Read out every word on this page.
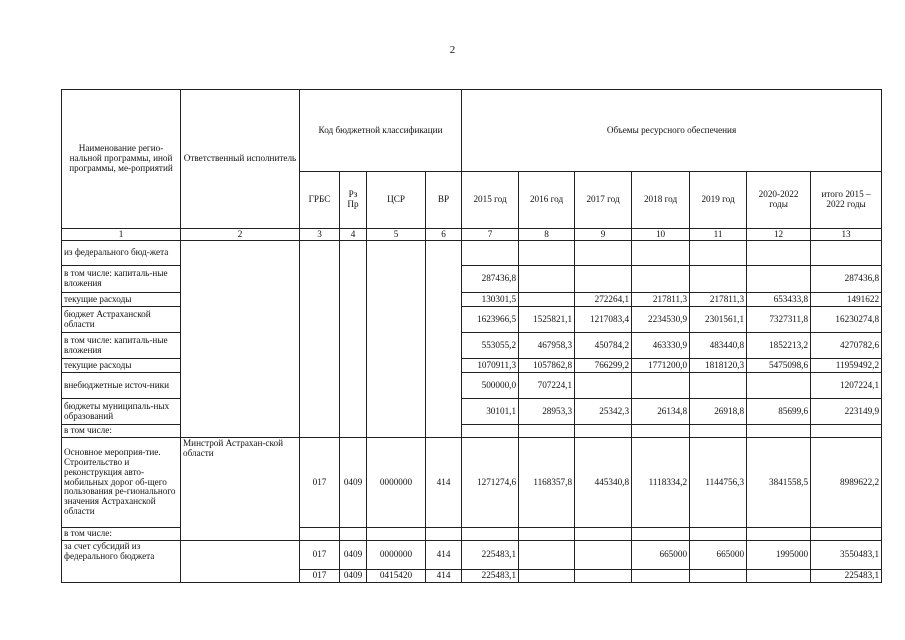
2
Наименование регио-нальной программы, иной программы, ме-роприятий	Ответственный исполнитель	Код бюджетной классификации				Объемы ресурсного обеспечения						
		ГРБС	Рз Пр	ЦСР	ВР	2015 год	2016 год	2017 год	2018 год	2019 год	2020-2022 годы	итого 2015 – 2022 годы
1	2	3	4	5	6	7	8	9	10	11	12	13
из федерального бюд-жета												
в том числе: капиталь-ные вложения						287436,8						287436,8
текущие расходы						130301,5		272264,1	217811,3	217811,3	653433,8	1491622
бюджет Астраханской области						1623966,5	1525821,1	1217083,4	2234530,9	2301561,1	7327311,8	16230274,8
в том числе: капиталь-ные вложения						553055,2	467958,3	450784,2	463330,9	483440,8	1852213,2	4270782,6
текущие расходы						1070911,3	1057862,8	766299,2	1771200,0	1818120,3	5475098,6	11959492,2
внебюджетные источ-ники						500000,0	707224,1					1207224,1
бюджеты муниципаль-ных образований						30101,1	28953,3	25342,3	26134,8	26918,8	85699,6	223149,9
в том числе:												
Основное мероприя-тие. Строительство и реконструкция авто-мобильных дорог об-щего пользования ре-гионального значения Астраханской области	Минстрой Астрахан-ской области	017	0409	0000000	414	1271274,6	1168357,8	445340,8	1118334,2	1144756,3	3841558,5	8989622,2
в том числе:												
за счет субсидий из федерального бюджета		017	0409	0000000	414	225483,1			665000	665000	1995000	3550483,1
		017	0409	0415420	414	225483,1						225483,1
